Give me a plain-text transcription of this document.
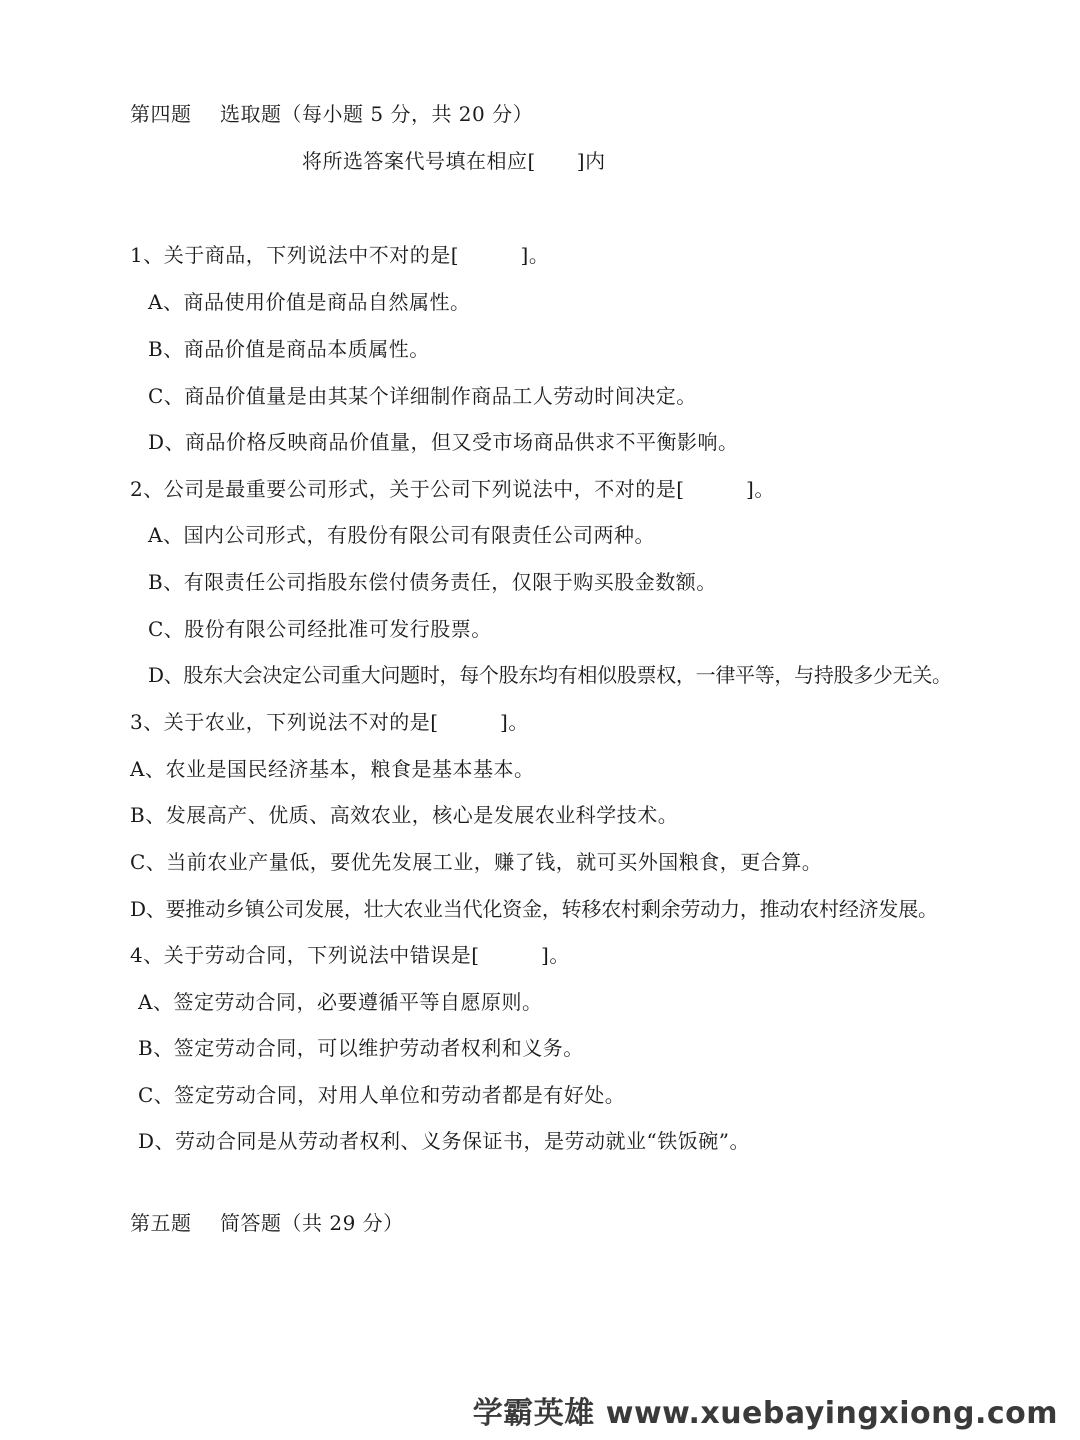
第四题 选取题（每小题 5 分，共 20 分）
将所选答案代号填在相应[　　]内
1、关于商品，下列说法中不对的是[　　　]。
A、商品使用价值是商品自然属性。
B、商品价值是商品本质属性。
C、商品价值量是由其某个详细制作商品工人劳动时间决定。
D、商品价格反映商品价值量，但又受市场商品供求不平衡影响。
2、公司是最重要公司形式，关于公司下列说法中，不对的是[　　　]。
A、国内公司形式，有股份有限公司有限责任公司两种。
B、有限责任公司指股东偿付债务责任，仅限于购买股金数额。
C、股份有限公司经批准可发行股票。
D、股东大会决定公司重大问题时，每个股东均有相似股票权，一律平等，与持股多少无关。
3、关于农业，下列说法不对的是[　　　]。
A、农业是国民经济基本，粮食是基本基本。
B、发展高产、优质、高效农业，核心是发展农业科学技术。
C、当前农业产量低，要优先发展工业，赚了钱，就可买外国粮食，更合算。
D、要推动乡镇公司发展，壮大农业当代化资金，转移农村剩余劳动力，推动农村经济发展。
4、关于劳动合同，下列说法中错误是[　　　]。
A、签定劳动合同，必要遵循平等自愿原则。
B、签定劳动合同，可以维护劳动者权利和义务。
C、签定劳动合同，对用人单位和劳动者都是有好处。
D、劳动合同是从劳动者权利、义务保证书，是劳动就业“铁饭碗”。
第五题 简答题（共 29 分）
学霸英雄 www.xuebayingxiong.com
